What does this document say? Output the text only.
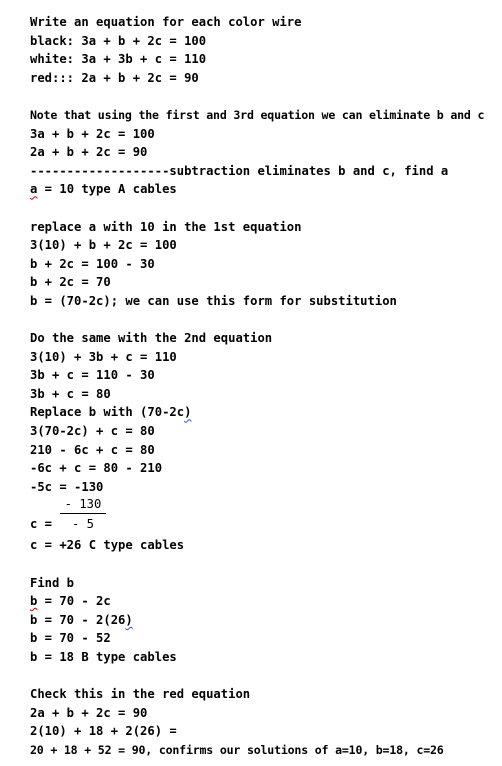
Write an equation for each color wire
black: 3a + b + 2c = 100
white: 3a + 3b + c = 110
red::: 2a + b + 2c = 90
Note that using the first and 3rd equation we can eliminate b and c
3a + b + 2c = 100
2a + b + 2c = 90
-------------------subtraction eliminates b and c, find a
a = 10 type A cables
replace a with 10 in the 1st equation
3(10) + b + 2c = 100
b + 2c = 100 - 30
b + 2c = 70
b = (70-2c); we can use this form for substitution
Do the same with the 2nd equation
3(10) + 3b + c = 110
3b + c = 110 - 30
3b + c = 80
Replace b with (70-2c)
3(70-2c) + c = 80
210 - 6c + c = 80
-6c + c = 80 - 210
-5c = -130
c =
- 130
- 5
c = +26 C type cables
Find b
b = 70 - 2c
b = 70 - 2(26)
b = 70 - 52
b = 18 B type cables
Check this in the red equation
2a + b + 2c = 90
2(10) + 18 + 2(26) =
20 + 18 + 52 = 90, confirms our solutions of a=10, b=18, c=26
